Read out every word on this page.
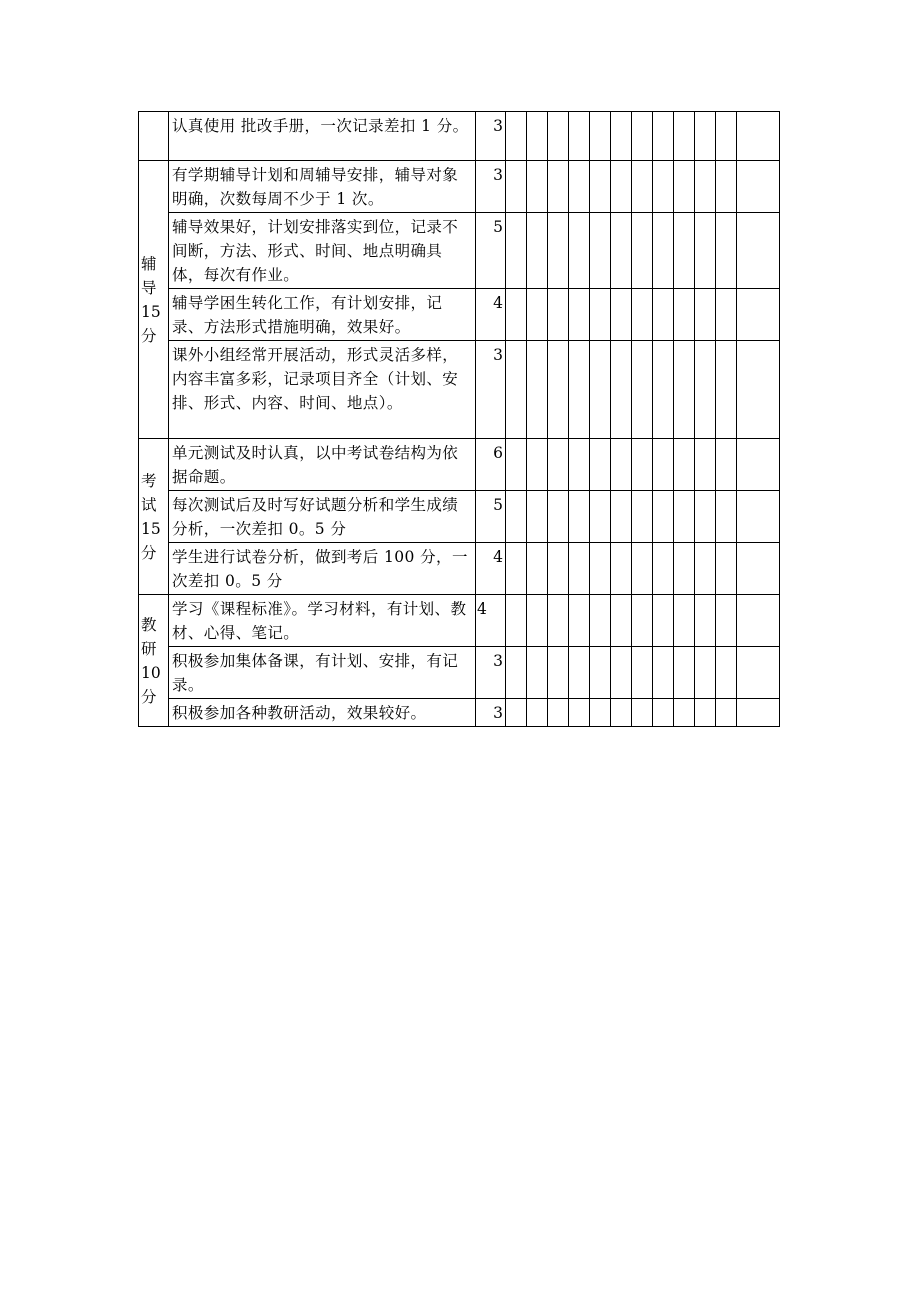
	认真使用 批改手册，一次记录差扣 1 分。	3												

辅
导
15
分	有学期辅导计划和周辅导安排，辅导对象明确，次数每周不少于 1 次。	3												
	辅导效果好，计划安排落实到位，记录不间断，方法、形式、时间、地点明确具体，每次有作业。	5												
	辅导学困生转化工作，有计划安排，记录、方法形式措施明确，效果好。	4												
	课外小组经常开展活动，形式灵活多样，内容丰富多彩，记录项目齐全（计划、安排、形式、内容、时间、地点）。	3												

考
试
15
分	单元测试及时认真，以中考试卷结构为依据命题。	6												
	每次测试后及时写好试题分析和学生成绩分析，一次差扣 0。5 分	5												
	学生进行试卷分析，做到考后 100 分，一次差扣 0。5 分	4												

教
研
10
分	学习《课程标准》。学习材料，有计划、教材、心得、笔记。	4												
	积极参加集体备课，有计划、安排，有记录。	3												
	积极参加各种教研活动，效果较好。	3												
